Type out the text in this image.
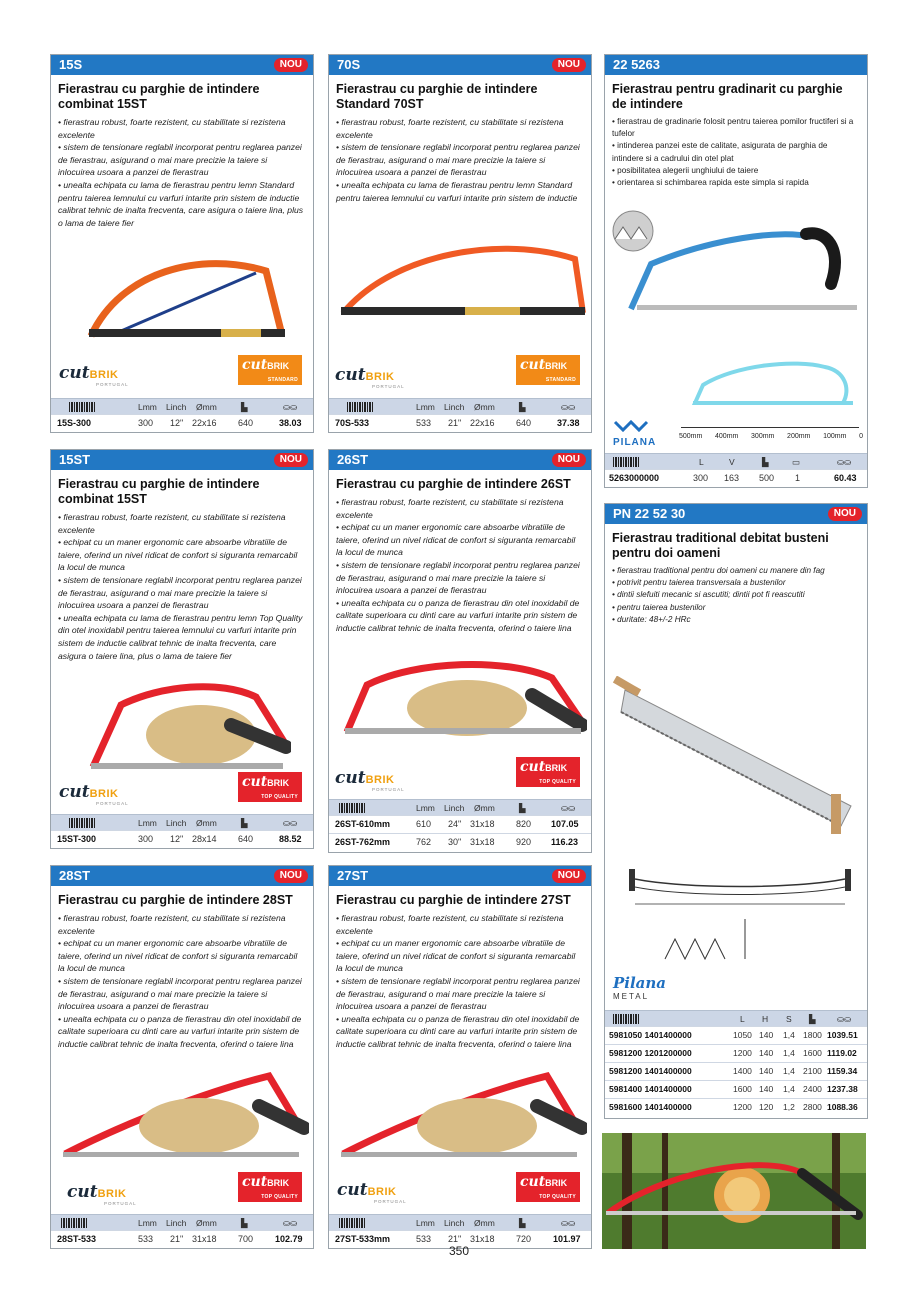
15S	NOU
Fierastrau cu parghie de intindere combinat 15ST
• fierastrau robust, foarte rezistent, cu stabilitate si rezistena excelente
• sistem de tensionare reglabil incorporat pentru reglarea panzei de fierastrau, asigurand o mai mare precizie la taiere si inlocuirea usoara a panzei de fierastrau
• unealta echipata cu lama de fierastrau pentru lemn Standard pentru taierea lemnului cu varfuri intarite prin sistem de inductie calibrat tehnic de inalta frecventa, care asigura o taiere lina, plus o lama de taiere fier
cutBRIK
PORTUGAL
cutBRIK
STANDARD
Lmm Linch Ømm	▙	⛀⛀
15S-300	300 12" 22x16 640	38.03
70S	NOU
Fierastrau cu parghie de intindere Standard 70ST
• fierastrau robust, foarte rezistent, cu stabilitate si rezistena excelente
• sistem de tensionare reglabil incorporat pentru reglarea panzei de fierastrau, asigurand o mai mare precizie la taiere si inlocuirea usoara a panzei de fierastrau
• unealta echipata cu lama de fierastrau pentru lemn Standard pentru taierea lemnului cu varfuri intarite prin sistem de inductie
cutBRIK
PORTUGAL
cutBRIK
STANDARD
Lmm Linch Ømm	▙	⛀⛀
70S-533	533 21" 22x16 640	37.38
22 5263
Fierastrau pentru gradinarit cu parghie de intindere
• fierastrau de gradinarie folosit pentru taierea pomilor fructiferi si a tufelor
• intinderea panzei este de calitate, asigurata de parghia de intindere si a cadrului din otel plat
• posibilitatea alegerii unghiului de taiere
• orientarea si schimbarea rapida este simpla si rapida
PILANA
500mm 400mm 300mm 200mm 100mm 0
L	V	▙	▭	⛀⛀
5263000000	300 163 500 1	60.43
15ST	NOU
Fierastrau cu parghie de intindere combinat 15ST
• fierastrau robust, foarte rezistent, cu stabilitate si rezistena excelente
• echipat cu un maner ergonomic care absoarbe vibratiile de taiere, oferind un nivel ridicat de confort si siguranta remarcabil la locul de munca
• sistem de tensionare reglabil incorporat pentru reglarea panzei de fierastrau, asigurand o mai mare precizie la taiere si inlocuirea usoara a panzei de fierastrau
• unealta echipata cu lama de fierastrau pentru lemn Top Quality din otel inoxidabil pentru taierea lemnului cu varfuri intarite prin sistem de inductie calibrat tehnic de inalta frecventa, care asigura o taiere lina, plus o lama de taiere fier
cutBRIK
PORTUGAL
cutBRIK
TOP QUALITY
Lmm Linch Ømm	▙	⛀⛀
15ST-300	300 12" 28x14 640	88.52
26ST	NOU
Fierastrau cu parghie de intindere 26ST
• fierastrau robust, foarte rezistent, cu stabilitate si rezistena excelente
• echipat cu un maner ergonomic care absoarbe vibratiile de taiere, oferind un nivel ridicat de confort si siguranta remarcabil la locul de munca
• sistem de tensionare reglabil incorporat pentru reglarea panzei de fierastrau, asigurand o mai mare precizie la taiere si inlocuirea usoara a panzei de fierastrau
• unealta echipata cu o panza de fierastrau din otel inoxidabil de calitate superioara cu dinti care au varfuri intarite prin sistem de inductie calibrat tehnic de inalta frecventa, oferind o taiere lina
cutBRIK
PORTUGAL
cutBRIK
TOP QUALITY
Lmm Linch Ømm	▙	⛀⛀
26ST-610mm	610 24" 31x18 820 107.05
26ST-762mm	762 30" 31x18 920 116.23
PN 22 52 30	NOU
Fierastrau traditional debitat busteni pentru doi oameni
• fierastrau traditional pentru doi oameni cu manere din fag
• potrivit pentru taierea transversala a bustenilor
• dintii slefuiti mecanic si ascutiti; dintii pot fi reascutiti
• pentru taierea bustenilor
• duritate: 48+/-2 HRc
Pilana
METAL
L H S ▙	⛀⛀
5981050 1401400000	1050 140 1,4 1800 1039.51
5981200 1201200000	1200 140 1,4 1600 1119.02
5981200 1401400000	1400 140 1,4 2100 1159.34
5981400 1401400000	1600 140 1,4 2400 1237.38
5981600 1401400000	1200 120 1,2 2800 1088.36
28ST	NOU
Fierastrau cu parghie de intindere 28ST
• fierastrau robust, foarte rezistent, cu stabilitate si rezistena excelente
• echipat cu un maner ergonomic care absoarbe vibratiile de taiere, oferind un nivel ridicat de confort si siguranta remarcabil la locul de munca
• sistem de tensionare reglabil incorporat pentru reglarea panzei de fierastrau, asigurand o mai mare precizie la taiere si inlocuirea usoara a panzei de fierastrau
• unealta echipata cu o panza de fierastrau din otel inoxidabil de calitate superioara cu dinti care au varfuri intarite prin sistem de inductie calibrat tehnic de inalta frecventa, oferind o taiere lina
cutBRIK
PORTUGAL
cutBRIK
TOP QUALITY
Lmm Linch Ømm	▙	⛀⛀
28ST-533	533 21" 31x18 700 102.79
27ST	NOU
Fierastrau cu parghie de intindere 27ST
• fierastrau robust, foarte rezistent, cu stabilitate si rezistena excelente
• echipat cu un maner ergonomic care absoarbe vibratiile de taiere, oferind un nivel ridicat de confort si siguranta remarcabil la locul de munca
• sistem de tensionare reglabil incorporat pentru reglarea panzei de fierastrau, asigurand o mai mare precizie la taiere si inlocuirea usoara a panzei de fierastrau
• unealta echipata cu o panza de fierastrau din otel inoxidabil de calitate superioara cu dinti care au varfuri intarite prin sistem de inductie calibrat tehnic de inalta frecventa, oferind o taiere lina
cutBRIK
PORTUGAL
cutBRIK
TOP QUALITY
Lmm Linch Ømm	▙	⛀⛀
27ST-533mm	533 21" 31x18 720 101.97
350
